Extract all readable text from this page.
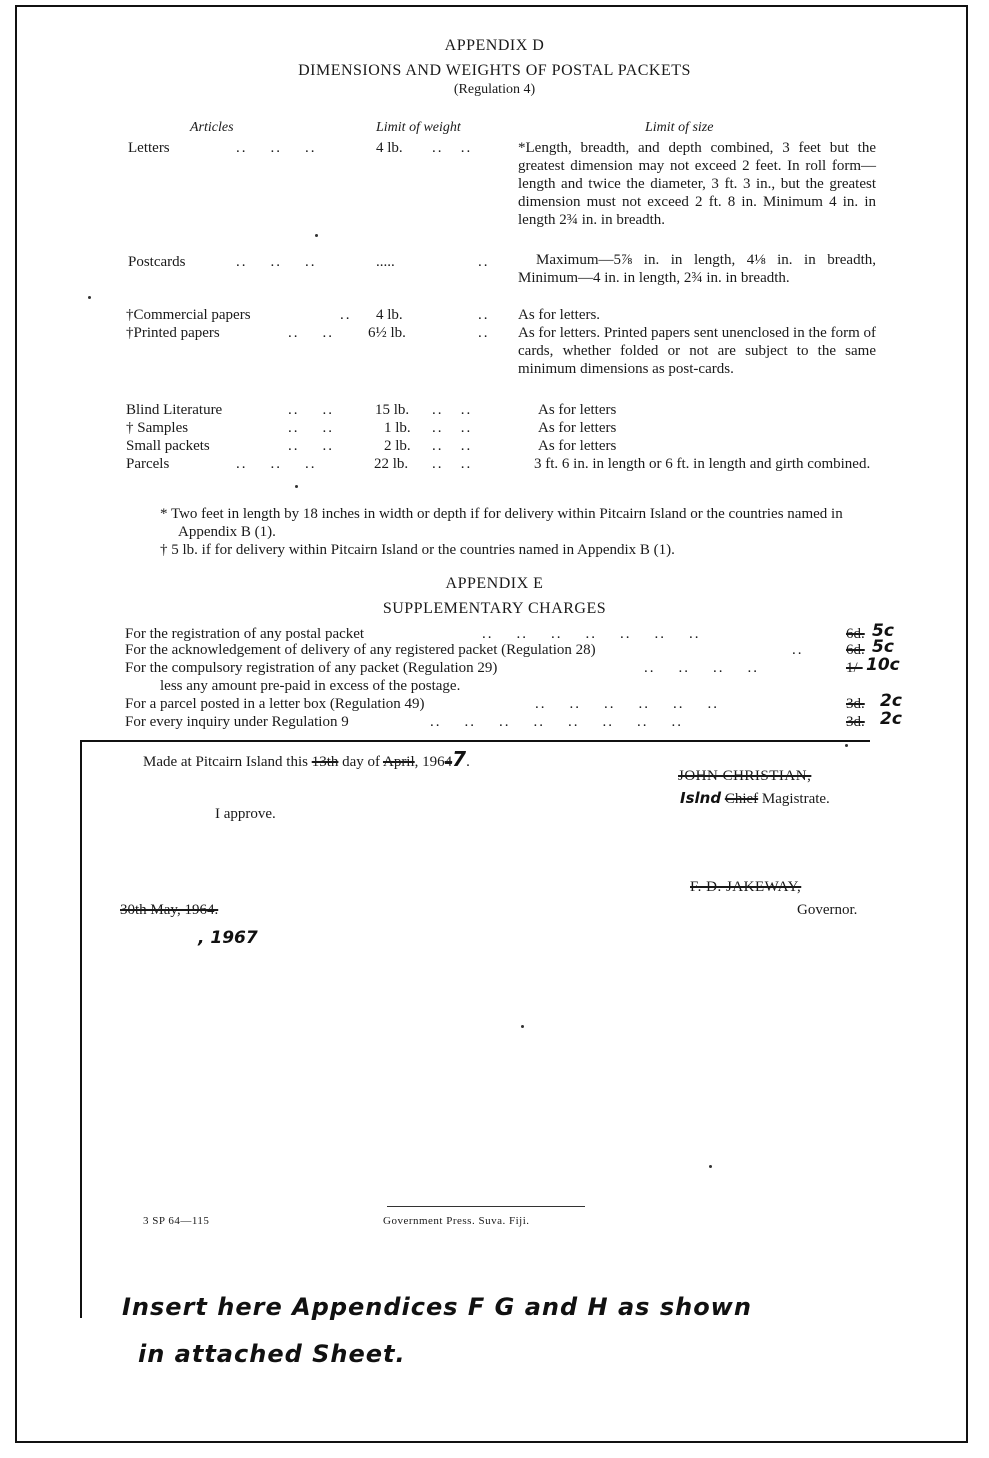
APPENDIX D
DIMENSIONS AND WEIGHTS OF POSTAL PACKETS
(Regulation 4)
Articles	Limit of weight	Limit of size
Letters	..    ..    ..	4 lb. ..   ..	*Length, breadth, and depth combined, 3 feet but the greatest dimension may not exceed 2 feet. In roll form—length and twice the diameter, 3 ft. 3 in., but the greatest dimension must not exceed 2 ft. 8 in. Minimum 4 in. in length 2¾ in. in breadth.
Postcards	..    ..    ..	.....	..	Maximum—5⅞ in. in length, 4⅛ in. in breadth, Minimum—4 in. in length, 2¾ in. in breadth.
†Commercial papers	.. 4 lb.	.. As for letters.
†Printed papers	..    .. 6½ lb.	.. As for letters. Printed papers sent unenclosed in the form of cards, whether folded or not are subject to the same minimum dimensions as post-cards.
Blind Literature	..    ..	15 lb. ..   ..	As for letters
† Samples	..    ..	1 lb. ..   ..	As for letters
Small packets	..    ..	2 lb. ..   ..	As for letters
Parcels	..    ..    ..	22 lb. ..   ..	3 ft. 6 in. in length or 6 ft. in length and girth combined.
* Two feet in length by 18 inches in width or depth if for delivery within Pitcairn Island or the countries named in Appendix B (1).
† 5 lb. if for delivery within Pitcairn Island or the countries named in Appendix B (1).
APPENDIX E
SUPPLEMENTARY CHARGES
For the registration of any postal packet	..    ..    ..    ..    ..    ..    ..	6d. 5c
For the acknowledgement of delivery of any registered packet (Regulation 28)	..	6d. 5c
For the compulsory registration of any packet (Regulation 29)	..    ..    ..    ..	1/- 10c
less any amount pre-paid in excess of the postage.
For a parcel posted in a letter box (Regulation 49)	..    ..    ..    ..    ..    ..	3d. 2c
For every inquiry under Regulation 9	..    ..    ..    ..    ..    ..    ..    ..	3d. 2c
Made at Pitcairn Island this 13th day of April, 19647.
JOHN CHRISTIAN,
Islnd Chief Magistrate.
I approve.
F. D. JAKEWAY,
Governor.
30th May, 1964.
, 1967
3 SP 64—115	Government Press. Suva. Fiji.
Insert here Appendices F G and H as shown
in attached Sheet.
